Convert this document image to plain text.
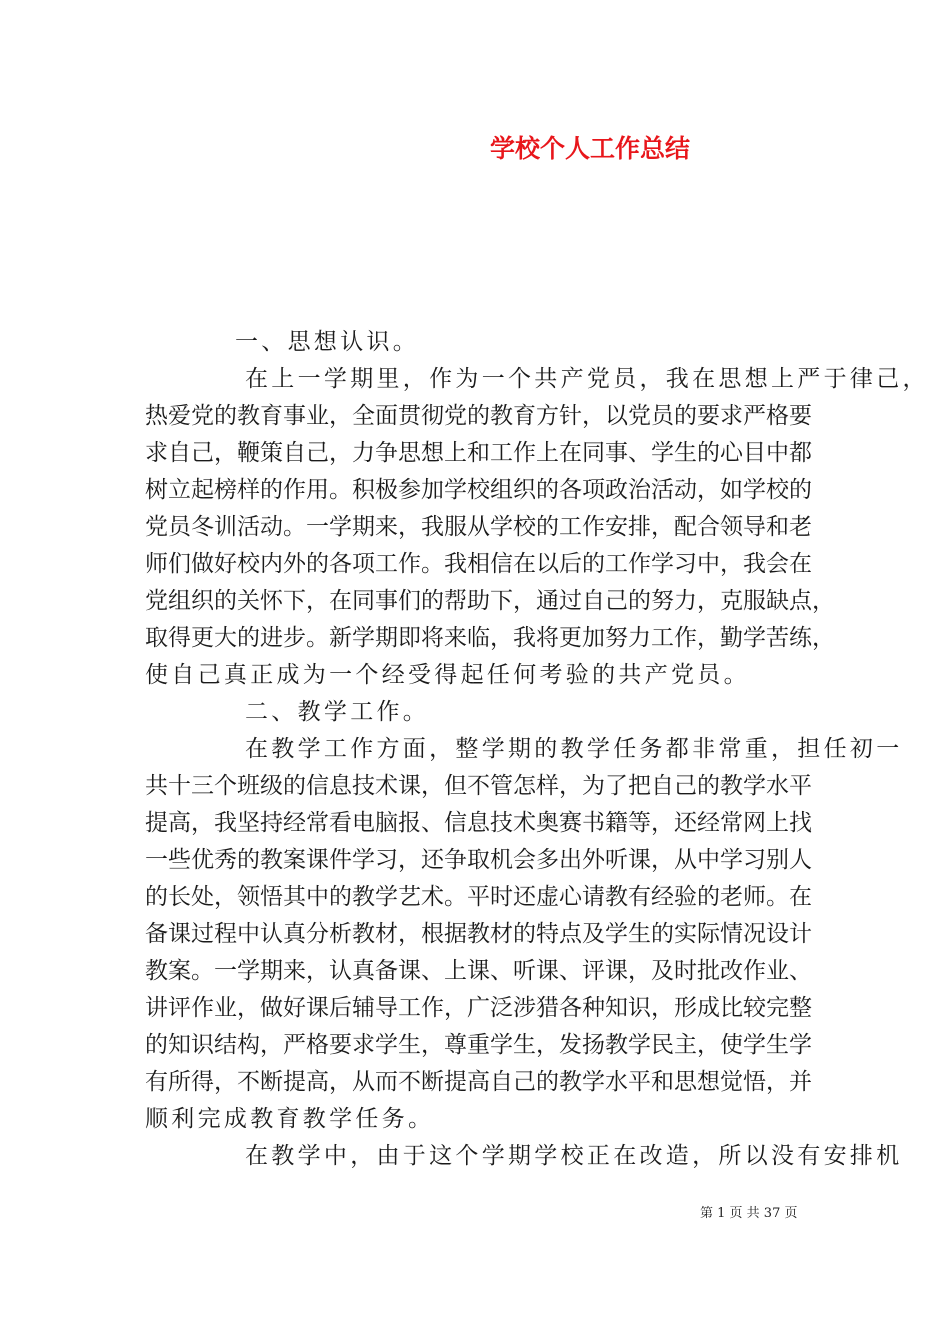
学校个人工作总结
一、思想认识。
在上一学期里，作为一个共产党员，我在思想上严于律己，
热爱党的教育事业，全面贯彻党的教育方针，以党员的要求严格要
求自己，鞭策自己，力争思想上和工作上在同事、学生的心目中都
树立起榜样的作用。积极参加学校组织的各项政治活动，如学校的
党员冬训活动。一学期来，我服从学校的工作安排，配合领导和老
师们做好校内外的各项工作。我相信在以后的工作学习中，我会在
党组织的关怀下，在同事们的帮助下，通过自己的努力，克服缺点，
取得更大的进步。新学期即将来临，我将更加努力工作，勤学苦练，
使自己真正成为一个经受得起任何考验的共产党员。
二、教学工作。
在教学工作方面，整学期的教学任务都非常重，担任初一
共十三个班级的信息技术课，但不管怎样，为了把自己的教学水平
提高，我坚持经常看电脑报、信息技术奥赛书籍等，还经常网上找
一些优秀的教案课件学习，还争取机会多出外听课，从中学习别人
的长处，领悟其中的教学艺术。平时还虚心请教有经验的老师。在
备课过程中认真分析教材，根据教材的特点及学生的实际情况设计
教案。一学期来，认真备课、上课、听课、评课，及时批改作业、
讲评作业，做好课后辅导工作，广泛涉猎各种知识，形成比较完整
的知识结构，严格要求学生，尊重学生，发扬教学民主，使学生学
有所得，不断提高，从而不断提高自己的教学水平和思想觉悟，并
顺利完成教育教学任务。
在教学中，由于这个学期学校正在改造，所以没有安排机
第 1 页 共 37 页
